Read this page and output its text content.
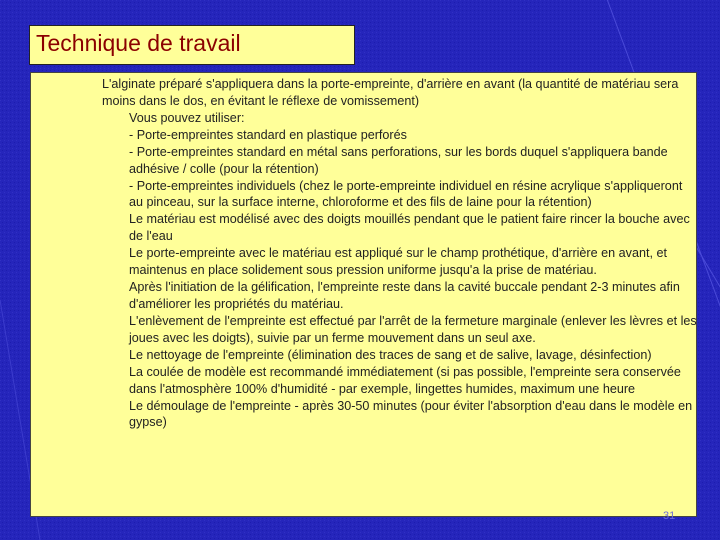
Technique de travail
L'alginate préparé s'appliquera dans la porte-empreinte, d'arrière en avant (la quantité de matériau sera moins dans le dos, en évitant le réflexe de vomissement)
Vous pouvez utiliser:
- Porte-empreintes standard en plastique perforés
- Porte-empreintes standard en métal sans perforations, sur les bords duquel s'appliquera bande adhésive / colle (pour la rétention)
- Porte-empreintes individuels (chez le porte-empreinte individuel en résine acrylique s'appliqueront au pinceau, sur la surface interne, chloroforme et des fils de laine pour la rétention)
Le matériau est modélisé avec des doigts mouillés pendant que le patient faire rincer la bouche avec de l'eau
Le porte-empreinte avec le matériau est appliqué sur le champ prothétique, d'arrière en avant, et maintenus en place solidement sous pression uniforme jusqu'a la prise de matériau.
Après l'initiation de la gélification, l'empreinte reste dans la cavité buccale pendant 2-3 minutes afin d'améliorer les propriétés du matériau.
L'enlèvement de l'empreinte est effectué par l'arrêt de la fermeture marginale (enlever les lèvres et les joues avec les doigts), suivie par un ferme mouvement dans un seul axe.
Le nettoyage de l'empreinte (élimination des traces de sang et de salive, lavage, désinfection)
La coulée de modèle est recommandé immédiatement (si pas possible, l'empreinte sera conservée dans l'atmosphère 100% d'humidité - par exemple, lingettes humides, maximum une heure
Le démoulage de l'empreinte - après 30-50 minutes (pour éviter l'absorption d'eau dans le modèle en gypse)
31
